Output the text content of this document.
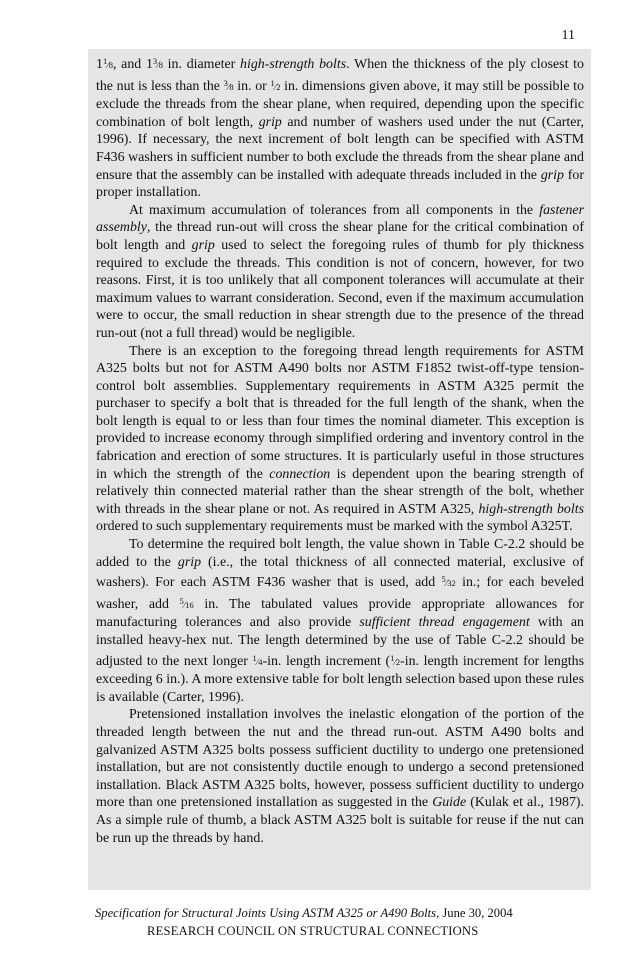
11

11⁄8, and 13⁄8 in. diameter high-strength bolts. When the thickness of the ply closest to the nut is less than the 3⁄8 in. or 1⁄2 in. dimensions given above, it may still be possible to exclude the threads from the shear plane, when required, depending upon the specific combination of bolt length, grip and number of washers used under the nut (Carter, 1996). If necessary, the next increment of bolt length can be specified with ASTM F436 washers in sufficient number to both exclude the threads from the shear plane and ensure that the assembly can be installed with adequate threads included in the grip for proper installation.

At maximum accumulation of tolerances from all components in the fastener assembly, the thread run-out will cross the shear plane for the critical combination of bolt length and grip used to select the foregoing rules of thumb for ply thickness required to exclude the threads. This condition is not of concern, however, for two reasons. First, it is too unlikely that all component tolerances will accumulate at their maximum values to warrant consideration. Second, even if the maximum accumulation were to occur, the small reduction in shear strength due to the presence of the thread run-out (not a full thread) would be negligible.

There is an exception to the foregoing thread length requirements for ASTM A325 bolts but not for ASTM A490 bolts nor ASTM F1852 twist-off-type tension-control bolt assemblies. Supplementary requirements in ASTM A325 permit the purchaser to specify a bolt that is threaded for the full length of the shank, when the bolt length is equal to or less than four times the nominal diameter. This exception is provided to increase economy through simplified ordering and inventory control in the fabrication and erection of some structures. It is particularly useful in those structures in which the strength of the connection is dependent upon the bearing strength of relatively thin connected material rather than the shear strength of the bolt, whether with threads in the shear plane or not. As required in ASTM A325, high-strength bolts ordered to such supplementary requirements must be marked with the symbol A325T.

To determine the required bolt length, the value shown in Table C-2.2 should be added to the grip (i.e., the total thickness of all connected material, exclusive of washers). For each ASTM F436 washer that is used, add 5⁄32 in.; for each beveled washer, add 5⁄16 in. The tabulated values provide appropriate allowances for manufacturing tolerances and also provide sufficient thread engagement with an installed heavy-hex nut. The length determined by the use of Table C-2.2 should be adjusted to the next longer 1⁄4-in. length increment (1⁄2-in. length increment for lengths exceeding 6 in.). A more extensive table for bolt length selection based upon these rules is available (Carter, 1996).

Pretensioned installation involves the inelastic elongation of the portion of the threaded length between the nut and the thread run-out. ASTM A490 bolts and galvanized ASTM A325 bolts possess sufficient ductility to undergo one pretensioned installation, but are not consistently ductile enough to undergo a second pretensioned installation. Black ASTM A325 bolts, however, possess sufficient ductility to undergo more than one pretensioned installation as suggested in the Guide (Kulak et al., 1987). As a simple rule of thumb, a black ASTM A325 bolt is suitable for reuse if the nut can be run up the threads by hand.

Specification for Structural Joints Using ASTM A325 or A490 Bolts, June 30, 2004
RESEARCH COUNCIL ON STRUCTURAL CONNECTIONS
